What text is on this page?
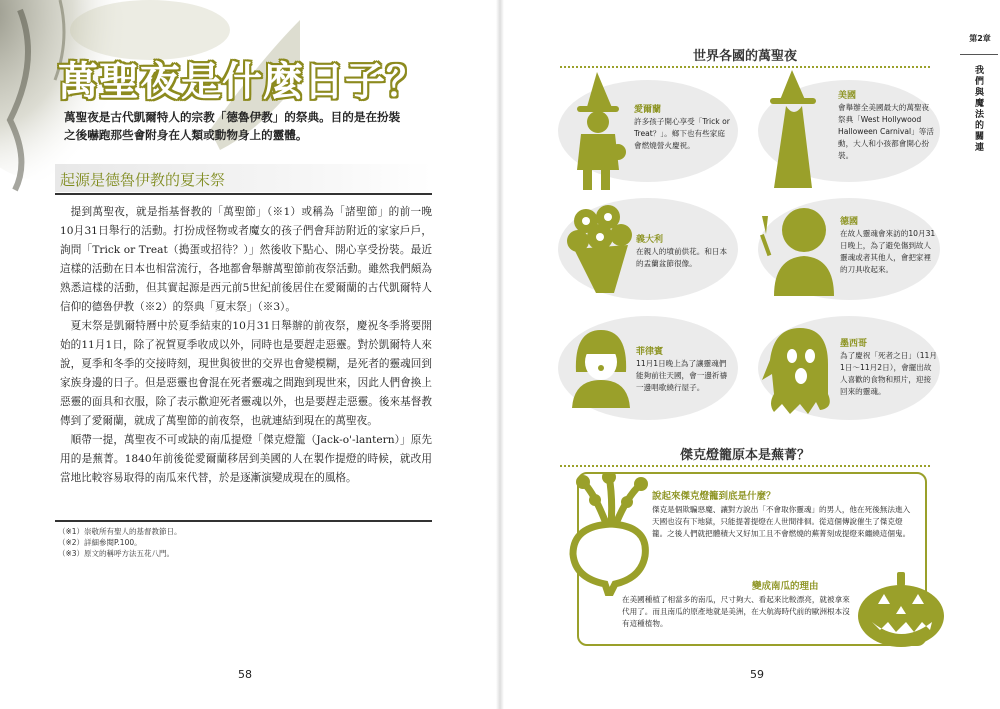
萬聖夜是什麼日子？
萬聖夜是古代凱爾特人的宗教「德魯伊教」的祭典。目的是在扮裝之後嚇跑那些會附身在人類或動物身上的靈體。
起源是德魯伊教的夏末祭

提到萬聖夜，就是指基督教的「萬聖節」（※1）或稱為「諸聖節」的前一晚10月31日舉行的活動。打扮成怪物或者魔女的孩子們會拜訪附近的家家戶戶，詢問「Trick or Treat（搗蛋或招待？）」然後收下點心、開心享受扮裝。最近這樣的活動在日本也相當流行，各地都會舉辦萬聖節前夜祭活動。雖然我們頗為熟悉這樣的活動，但其實起源是西元前5世紀前後居住在愛爾蘭的古代凱爾特人信仰的德魯伊教（※2）的祭典「夏末祭」（※3）。

夏末祭是凱爾特曆中於夏季結束的10月31日舉辦的前夜祭，慶祝冬季將要開始的11月1日，除了祝賀夏季收成以外，同時也是要趕走惡靈。對於凱爾特人來說，夏季和冬季的交接時刻，現世與彼世的交界也會變模糊，是死者的靈魂回到家族身邊的日子。但是惡靈也會混在死者靈魂之間跑到現世來，因此人們會換上惡靈的面具和衣服，除了表示歡迎死者靈魂以外，也是要趕走惡靈。後來基督教傳到了愛爾蘭，就成了萬聖節的前夜祭，也就連結到現在的萬聖夜。

順帶一提，萬聖夜不可或缺的南瓜提燈「傑克燈籠（Jack-o'-lantern）」原先用的是蕪菁。1840年前後從愛爾蘭移居到美國的人在製作提燈的時候，就改用當地比較容易取得的南瓜來代替，於是逐漸演變成現在的風格。

（※1）崇敬所有聖人的基督教節日。
（※2）詳細參閱P.100。
（※3）原文的稱呼方法五花八門。
58
世界各國的萬聖夜
愛爾蘭
許多孩子開心享受「Trick or Treat？」。鄉下也有些家庭會燃燒營火慶祝。
美國
會舉辦全美國最大的萬聖夜祭典「West Hollywood Halloween Carnival」等活動，大人和小孩都會開心扮裝。
義大利
在親人的墳前供花。和日本的盂蘭盆節很像。
德國
在故人靈魂會來訪的10月31日晚上，為了避免傷到故人靈魂或者其他人，會把家裡的刀具收起來。
菲律賓
11月1日晚上為了讓靈魂們能夠前往天國，會一邊祈禱一邊唱歌繞行屋子。
墨西哥
為了慶祝「死者之日」（11月1日～11月2日），會擺出故人喜歡的食物和照片，迎接回來的靈魂。
傑克燈籠原本是蕪菁？
說起來傑克燈籠到底是什麼？
傑克是個欺騙惡魔、讓對方說出「不會取你靈魂」的男人，他在死後無法進入天國也沒有下地獄，只能提著提燈在人世間徘徊。從這個傳說催生了傑克燈籠。之後人們就把體積大又好加工且不會燃燒的蕪菁刻成提燈來纏繞這個鬼。
變成南瓜的理由
在美國種植了相當多的南瓜，尺寸夠大、看起來比較漂亮，就被拿來代用了。而且南瓜的原產地就是美洲，在大航海時代前的歐洲根本沒有這種植物。
59
第2章
我們與魔法的關連
